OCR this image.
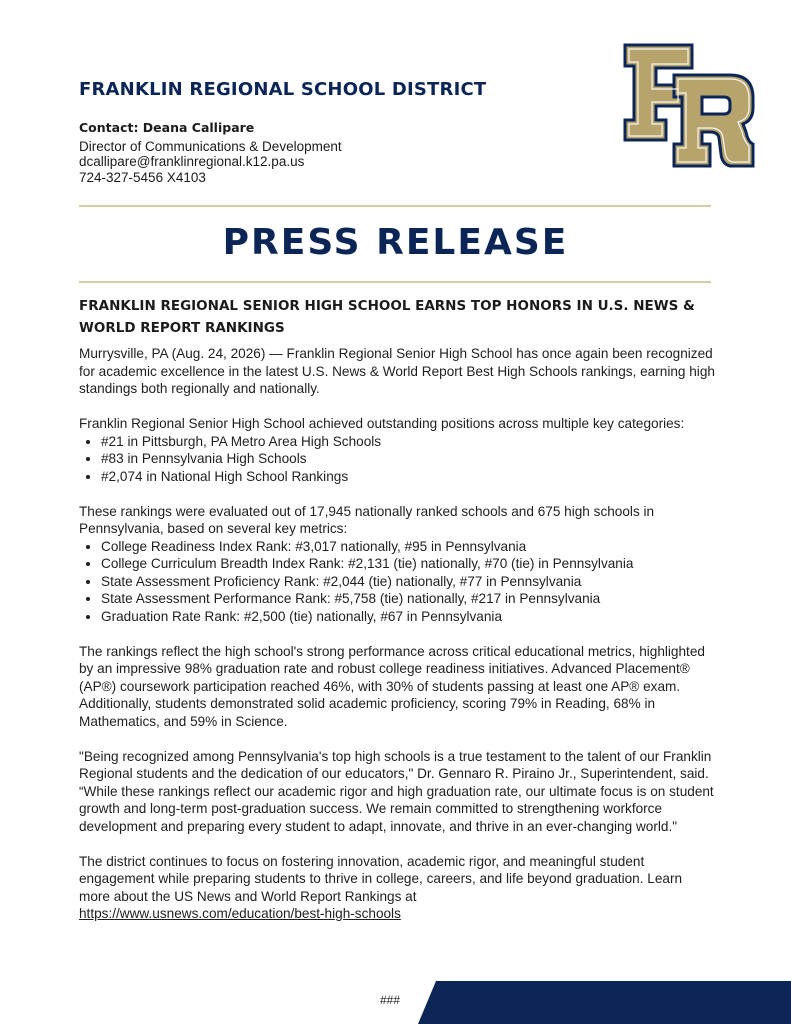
FRANKLIN REGIONAL SCHOOL DISTRICT
Contact: Deana Callipare
Director of Communications & Development
dcallipare@franklinregional.k12.pa.us
724-327-5456 X4103
PRESS RELEASE
FRANKLIN REGIONAL SENIOR HIGH SCHOOL EARNS TOP HONORS IN U.S. NEWS & WORLD REPORT RANKINGS

Murrysville, PA (Aug. 24, 2026) — Franklin Regional Senior High School has once again been recognized for academic excellence in the latest U.S. News & World Report Best High Schools rankings, earning high standings both regionally and nationally.

Franklin Regional Senior High School achieved outstanding positions across multiple key categories:

• #21 in Pittsburgh, PA Metro Area High Schools
• #83 in Pennsylvania High Schools
• #2,074 in National High School Rankings

These rankings were evaluated out of 17,945 nationally ranked schools and 675 high schools in Pennsylvania, based on several key metrics:

• College Readiness Index Rank: #3,017 nationally, #95 in Pennsylvania
• College Curriculum Breadth Index Rank: #2,131 (tie) nationally, #70 (tie) in Pennsylvania
• State Assessment Proficiency Rank: #2,044 (tie) nationally, #77 in Pennsylvania
• State Assessment Performance Rank: #5,758 (tie) nationally, #217 in Pennsylvania
• Graduation Rate Rank: #2,500 (tie) nationally, #67 in Pennsylvania

The rankings reflect the high school's strong performance across critical educational metrics, highlighted by an impressive 98% graduation rate and robust college readiness initiatives. Advanced Placement® (AP®) coursework participation reached 46%, with 30% of students passing at least one AP® exam. Additionally, students demonstrated solid academic proficiency, scoring 79% in Reading, 68% in Mathematics, and 59% in Science.

"Being recognized among Pennsylvania's top high schools is a true testament to the talent of our Franklin Regional students and the dedication of our educators," Dr. Gennaro R. Piraino Jr., Superintendent, said. “While these rankings reflect our academic rigor and high graduation rate, our ultimate focus is on student growth and long-term post-graduation success. We remain committed to strengthening workforce development and preparing every student to adapt, innovate, and thrive in an ever-changing world."

The district continues to focus on fostering innovation, academic rigor, and meaningful student engagement while preparing students to thrive in college, careers, and life beyond graduation. Learn more about the US News and World Report Rankings at
https://www.usnews.com/education/best-high-schools

###
